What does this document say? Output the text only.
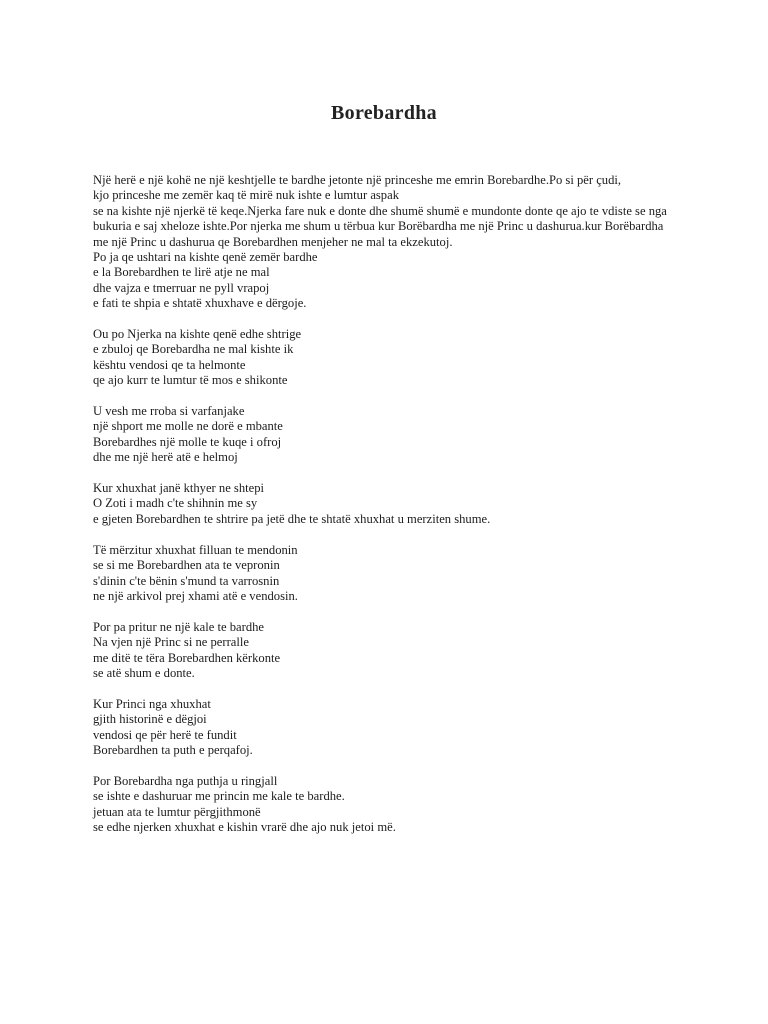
Borebardha
Një herë e një kohë ne një keshtjelle te bardhe jetonte një princeshe me emrin Borebardhe.Po si për çudi,
kjo princeshe me zemër kaq të mirë nuk ishte e lumtur aspak
se na kishte një njerkë të keqe.Njerka fare nuk e donte dhe shumë shumë e mundonte donte qe ajo te vdiste se nga bukuria e saj xheloze ishte.Por njerka me shum u tërbua kur Borëbardha me një Princ u dashurua.kur Borëbardha me një Princ u dashurua qe Borebardhen menjeher ne mal ta ekzekutoj.
Po ja qe ushtari na kishte qenë zemër bardhe
e la Borebardhen te lirë atje ne mal
dhe vajza e tmerruar ne pyll vrapoj
e fati te shpia e shtatë xhuxhave e dërgoje.
Ou po Njerka na kishte qenë edhe shtrige
e zbuloj qe Borebardha ne mal kishte ik
kështu vendosi qe ta helmonte
qe ajo kurr te lumtur të mos e shikonte
U vesh me rroba si varfanjake
një shport me molle ne dorë e mbante
Borebardhes një molle te kuqe i ofroj
dhe me një herë atë e helmoj
Kur xhuxhat janë kthyer ne shtepi
O Zoti i madh c'te shihnin me sy
e gjeten Borebardhen te shtrire pa jetë dhe te shtatë xhuxhat u merziten shume.
Të mërzitur xhuxhat filluan te mendonin
se si me Borebardhen ata te vepronin
s'dinin c'te bënin s'mund ta varrosnin
ne një arkivol prej xhami atë e vendosin.
Por pa pritur ne një kale te bardhe
Na vjen një Princ si ne perralle
me ditë te tëra Borebardhen kërkonte
se atë shum e donte.
Kur Princi nga xhuxhat
gjith historinë e dëgjoi
vendosi qe për herë te fundit
Borebardhen ta puth e perqafoj.
Por Borebardha nga puthja u ringjall
se ishte e dashuruar me princin me kale te bardhe.
jetuan ata te lumtur përgjithmonë
se edhe njerken xhuxhat e kishin vrarë dhe ajo nuk jetoi më.
